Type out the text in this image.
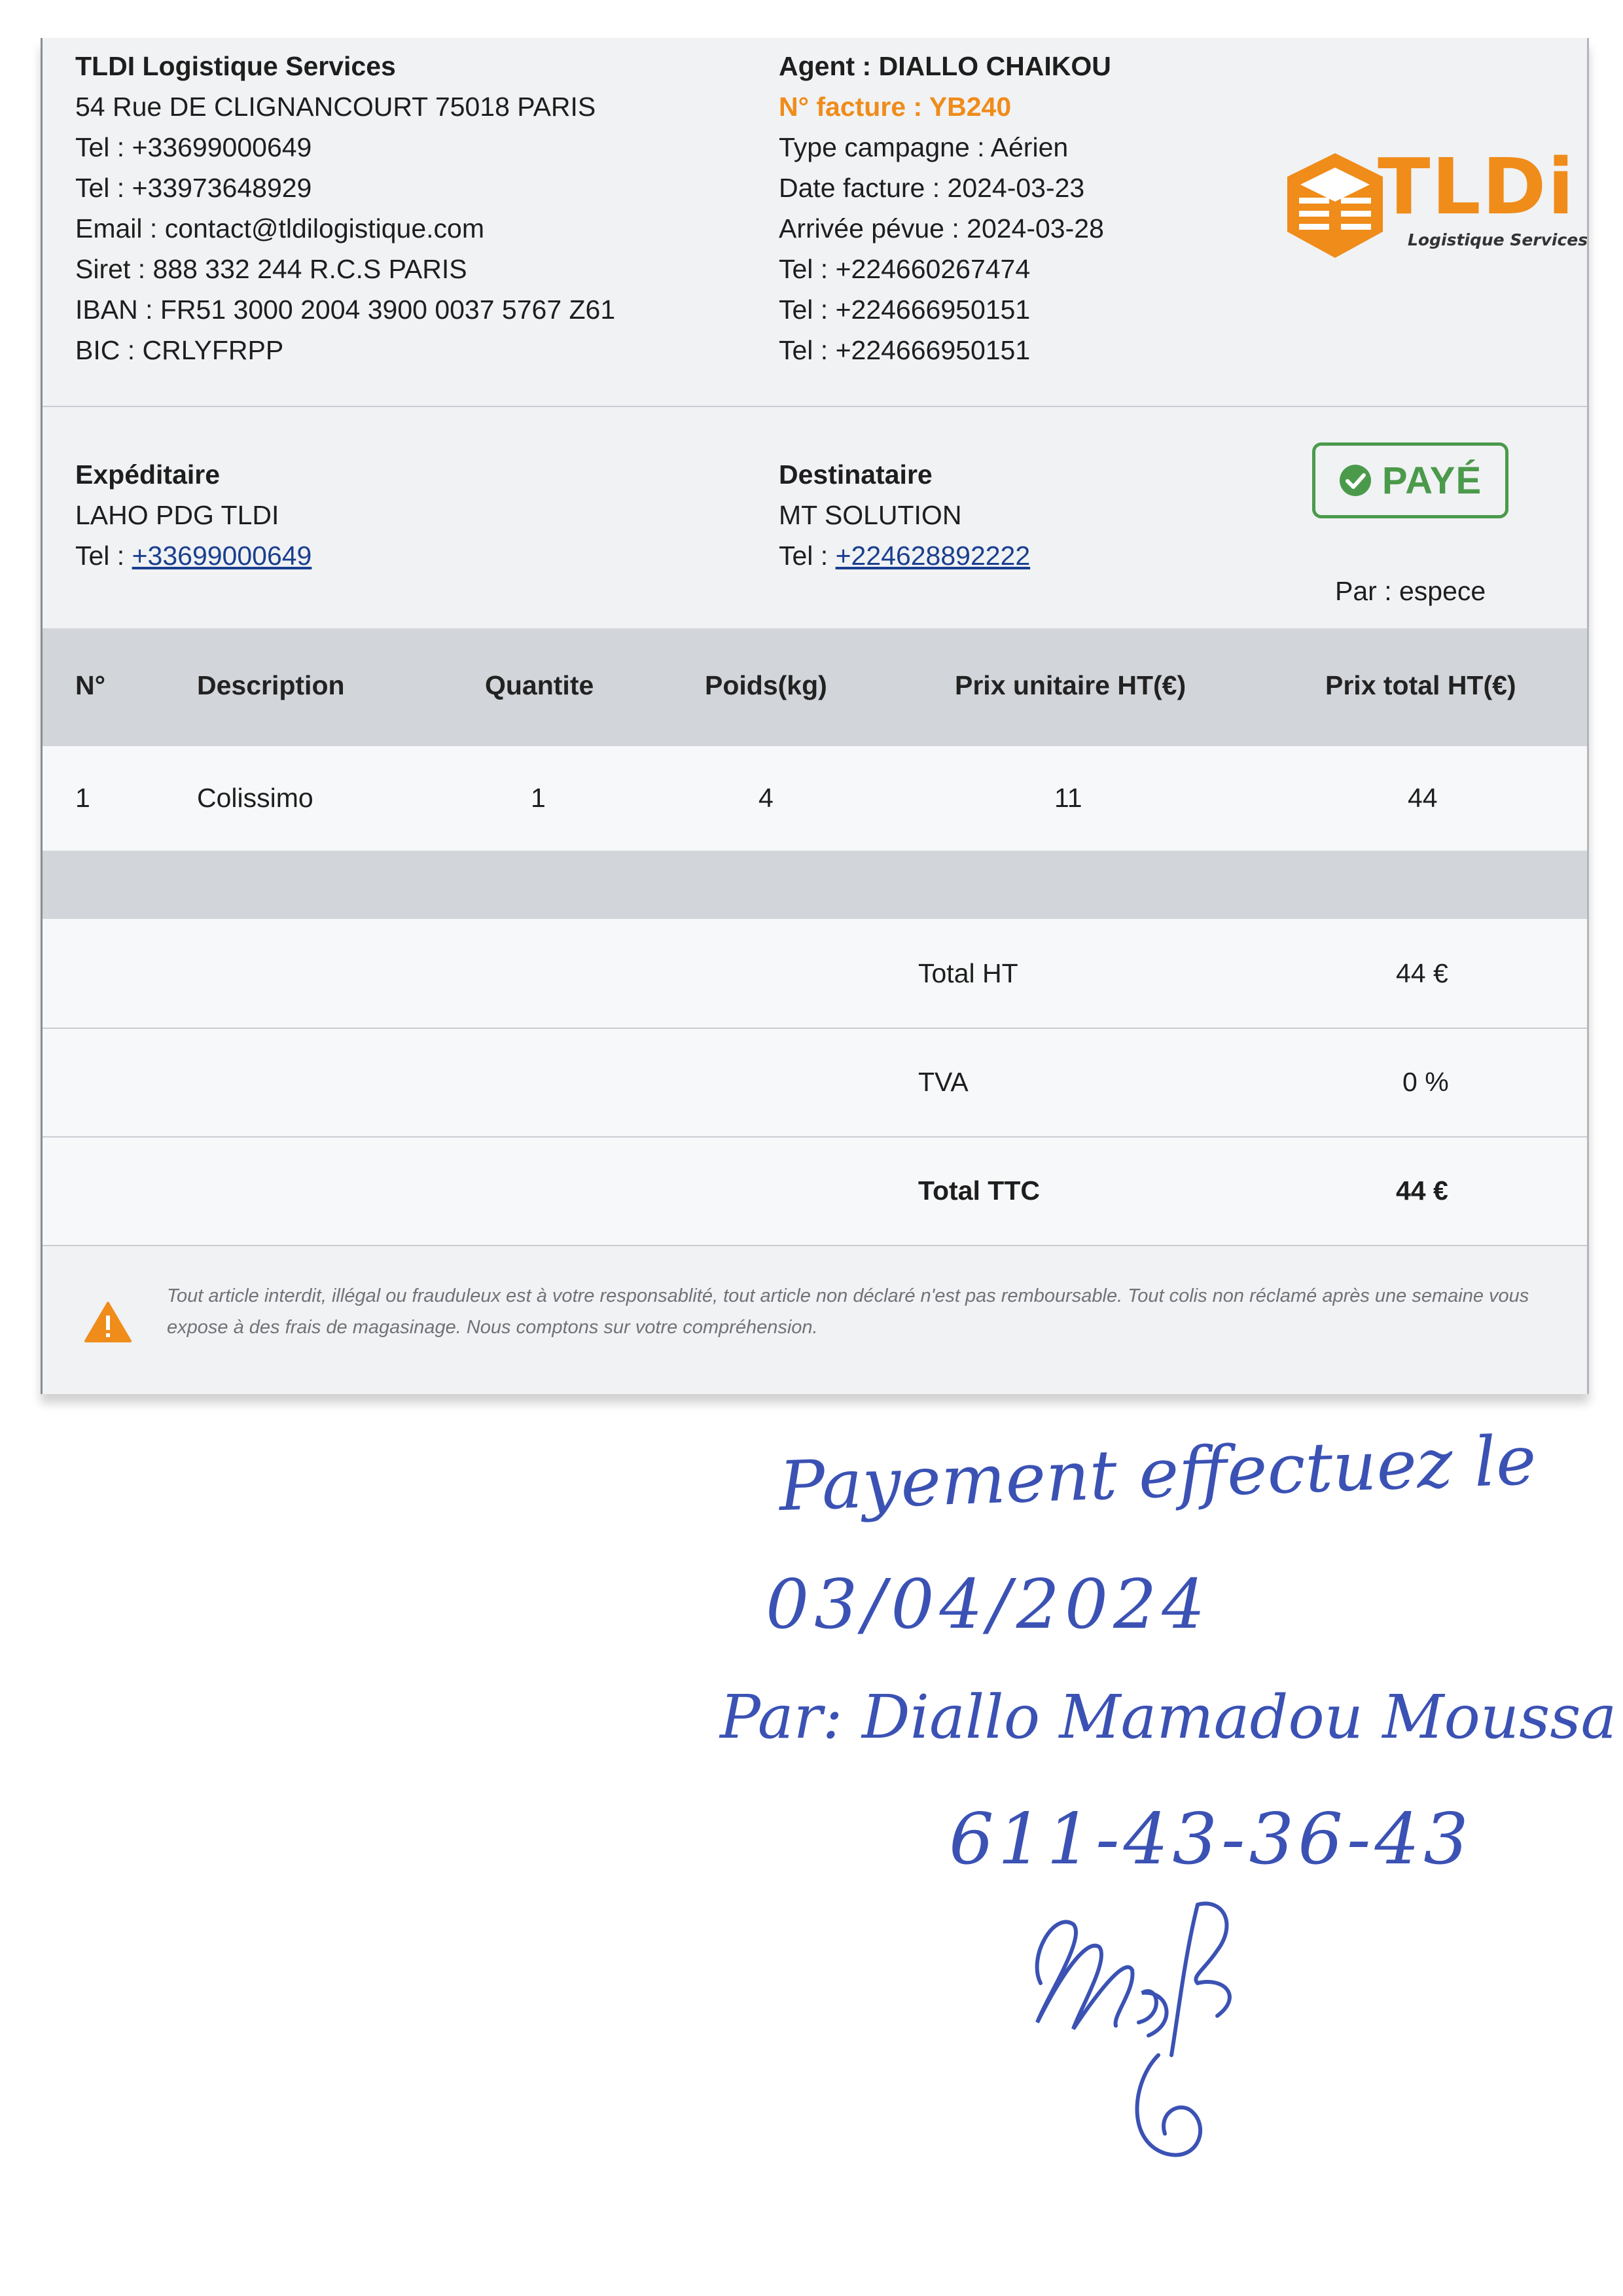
TLDI Logistique Services
54 Rue DE CLIGNANCOURT 75018 PARIS
Tel : +33699000649
Tel : +33973648929
Email : contact@tldilogistique.com
Siret : 888 332 244 R.C.S PARIS
IBAN : FR51 3000 2004 3900 0037 5767 Z61
BIC : CRLYFRPP
Agent : DIALLO CHAIKOU
N° facture : YB240
Type campagne : Aérien
Date facture : 2024-03-23
Arrivée pévue : 2024-03-28
Tel : +224660267474
Tel : +224666950151
Tel : +224666950151
TLDi
Logistique Services
Expéditaire
LAHO PDG TLDI
Tel : +33699000649
Destinataire
MT SOLUTION
Tel : +224628892222
PAYÉ
Par : espece
N°	Description	Quantite	Poids(kg)	Prix unitaire HT(€)	Prix total HT(€)
1	Colissimo	1	4	11	44
Total HT	44 €
TVA	0 %
Total TTC	44 €
Tout article interdit, illégal ou frauduleux est à votre responsablité, tout article non déclaré n'est pas remboursable. Tout colis non réclamé après une semaine vous expose à des frais de magasinage. Nous comptons sur votre compréhension.
Payement effectuez le
03/04/2024
Par: Diallo Mamadou Moussa
611-43-36-43
